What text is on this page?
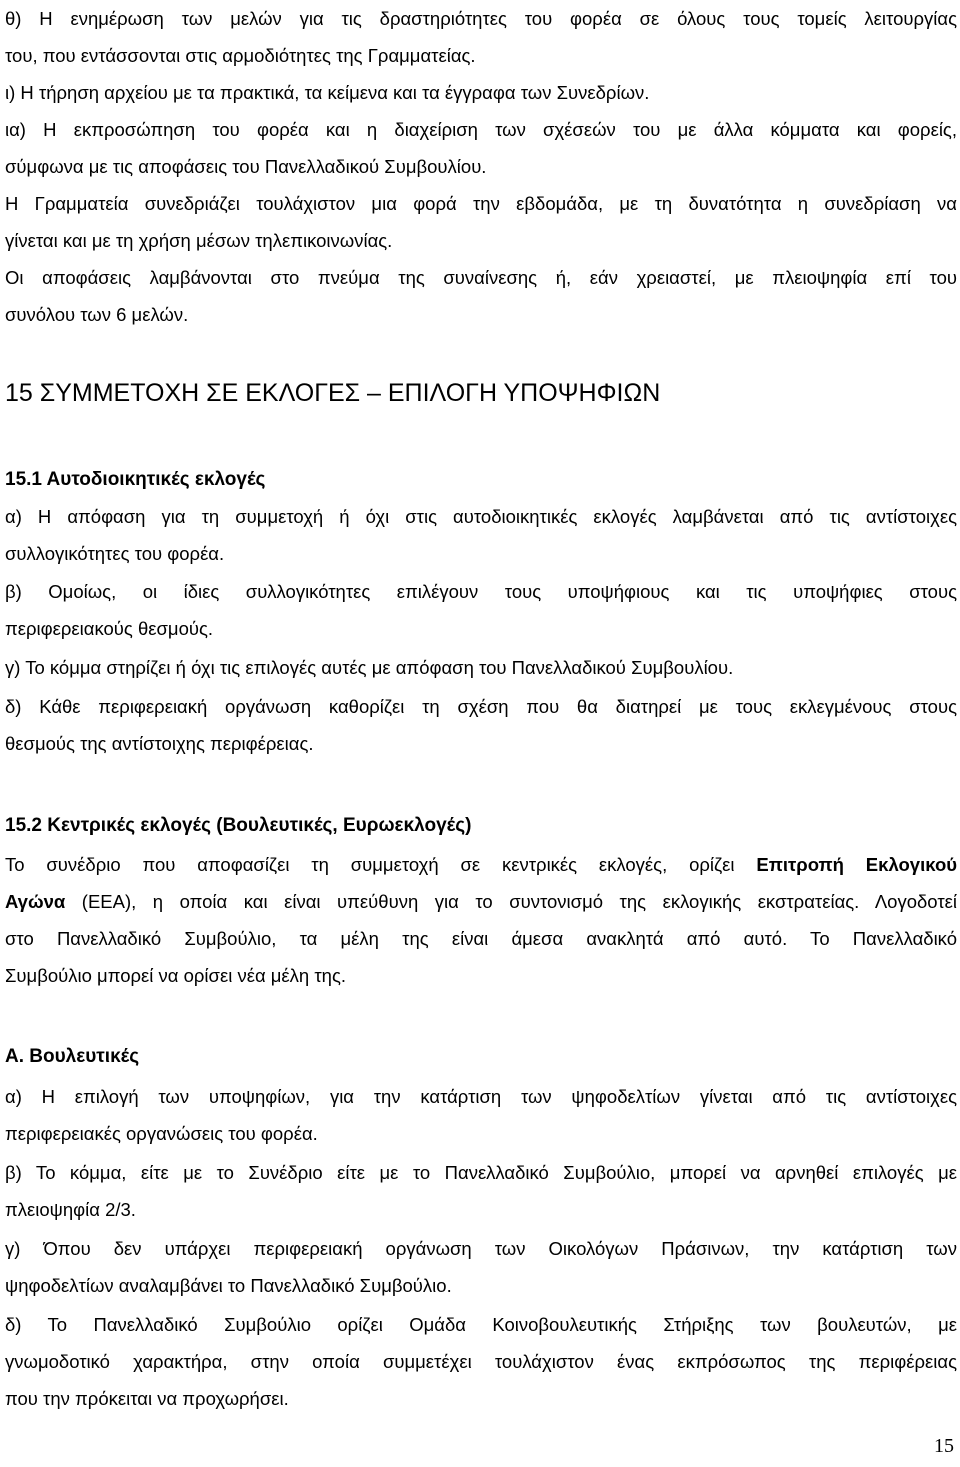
θ) Η ενημέρωση των μελών για τις δραστηριότητες του φορέα σε όλους τους τομείς λειτουργίας
του, που εντάσσονται στις αρμοδιότητες της Γραμματείας.
ι) Η τήρηση αρχείου με τα πρακτικά, τα κείμενα και τα έγγραφα των Συνεδρίων.
ια) Η εκπροσώπηση του φορέα και η διαχείριση των σχέσεών του με άλλα κόμματα και φορείς,
σύμφωνα με τις αποφάσεις του Πανελλαδικού Συμβουλίου.
Η Γραμματεία συνεδριάζει τουλάχιστον μια φορά την εβδομάδα, με τη δυνατότητα η συνεδρίαση να
γίνεται και με τη χρήση μέσων τηλεπικοινωνίας.
Οι αποφάσεις λαμβάνονται στο πνεύμα της συναίνεσης ή, εάν χρειαστεί, με πλειοψηφία επί του
συνόλου των 6 μελών.
15 ΣΥΜΜΕΤΟΧΗ ΣΕ ΕΚΛΟΓΕΣ – ΕΠΙΛΟΓΗ ΥΠΟΨΗΦΙΩΝ
15.1 Αυτοδιοικητικές εκλογές
α) Η απόφαση για τη συμμετοχή ή όχι στις αυτοδιοικητικές εκλογές λαμβάνεται από τις αντίστοιχες
συλλογικότητες του φορέα.
β) Ομοίως, οι ίδιες συλλογικότητες επιλέγουν τους υποψήφιους και τις υποψήφιες στους
περιφερειακούς θεσμούς.
γ) Το κόμμα στηρίζει ή όχι τις επιλογές αυτές με απόφαση του Πανελλαδικού Συμβουλίου.
δ) Κάθε περιφερειακή οργάνωση καθορίζει τη σχέση που θα διατηρεί με τους εκλεγμένους στους
θεσμούς της αντίστοιχης περιφέρειας.
15.2 Κεντρικές εκλογές (Βουλευτικές, Ευρωεκλογές)
Το συνέδριο που αποφασίζει τη συμμετοχή σε κεντρικές εκλογές, ορίζει Επιτροπή Εκλογικού
Αγώνα (ΕΕΑ), η οποία και είναι υπεύθυνη για το συντονισμό της εκλογικής εκστρατείας. Λογοδοτεί
στο Πανελλαδικό Συμβούλιο, τα μέλη της είναι άμεσα ανακλητά από αυτό. Το Πανελλαδικό
Συμβούλιο μπορεί να ορίσει νέα μέλη της.
Α. Βουλευτικές
α) Η επιλογή των υποψηφίων, για την κατάρτιση των ψηφοδελτίων γίνεται από τις αντίστοιχες
περιφερειακές οργανώσεις του φορέα.
β) Το κόμμα, είτε με το Συνέδριο είτε με το Πανελλαδικό Συμβούλιο, μπορεί να αρνηθεί επιλογές με
πλειοψηφία 2/3.
γ) Όπου δεν υπάρχει περιφερειακή οργάνωση των Οικολόγων Πράσινων, την κατάρτιση των
ψηφοδελτίων αναλαμβάνει το Πανελλαδικό Συμβούλιο.
δ) Το Πανελλαδικό Συμβούλιο ορίζει Ομάδα Κοινοβουλευτικής Στήριξης των βουλευτών, με
γνωμοδοτικό χαρακτήρα, στην οποία συμμετέχει τουλάχιστον ένας εκπρόσωπος της περιφέρειας
που την πρόκειται να προχωρήσει.
15
